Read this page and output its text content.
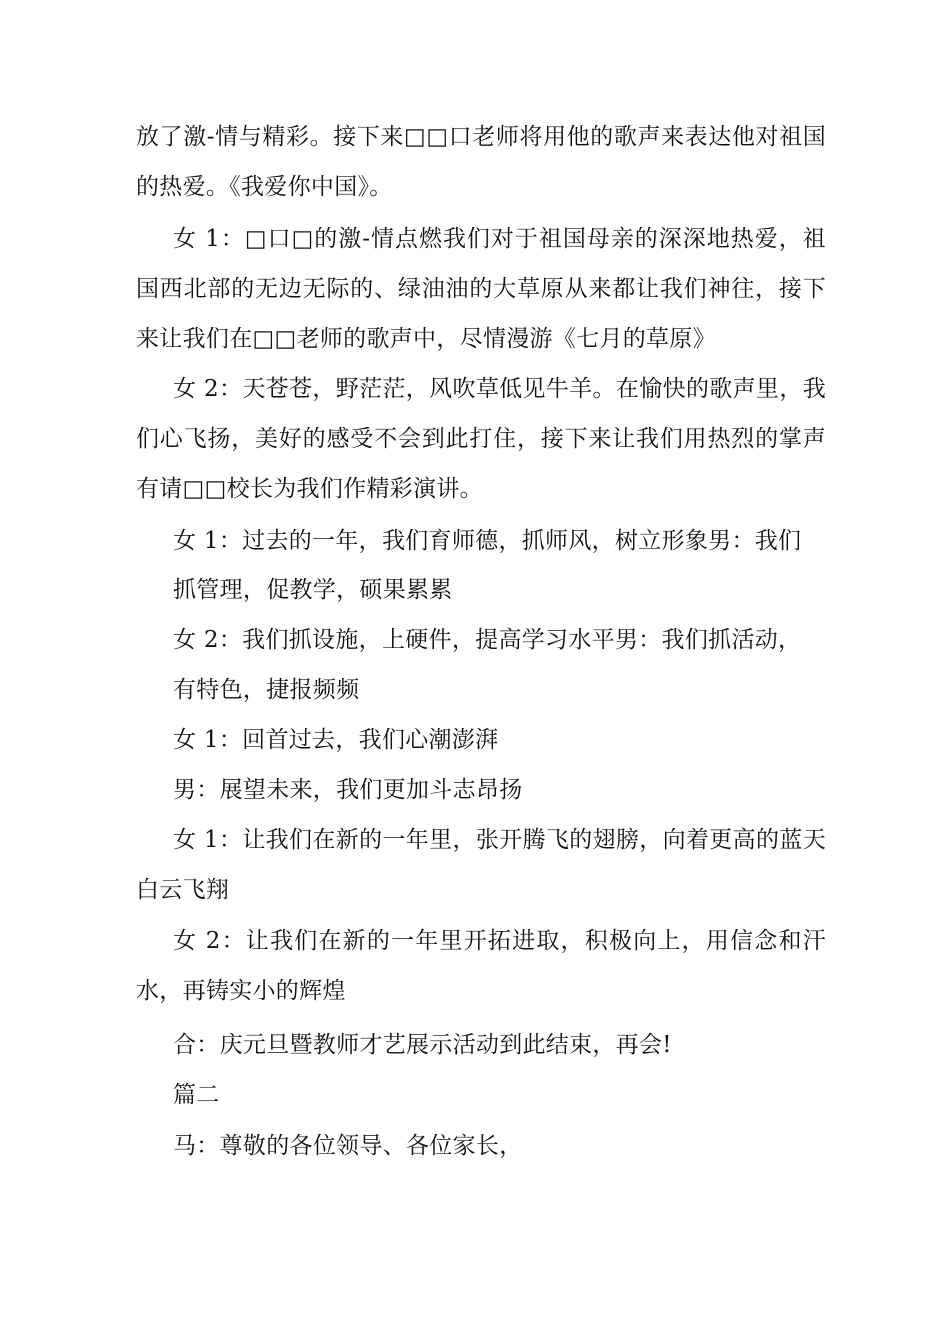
放了激-情与精彩。接下来□□口老师将用他的歌声来表达他对祖国的热爱。《我爱你中国》。

女 1：□口□的激-情点燃我们对于祖国母亲的深深地热爱，祖国西北部的无边无际的、绿油油的大草原从来都让我们神往，接下来让我们在□□老师的歌声中，尽情漫游《七月的草原》

女 2：天苍苍，野茫茫，风吹草低见牛羊。在愉快的歌声里，我们心飞扬，美好的感受不会到此打住，接下来让我们用热烈的掌声有请□□校长为我们作精彩演讲。

女 1：过去的一年，我们育师德，抓师风，树立形象男：我们

抓管理，促教学，硕果累累

女 2：我们抓设施，上硬件，提高学习水平男：我们抓活动，

有特色，捷报频频

女 1：回首过去，我们心潮澎湃

男：展望未来，我们更加斗志昂扬

女 1：让我们在新的一年里，张开腾飞的翅膀，向着更高的蓝天白云飞翔

女 2：让我们在新的一年里开拓进取，积极向上，用信念和汗水，再铸实小的辉煌

合：庆元旦暨教师才艺展示活动到此结束，再会!

篇二

马：尊敬的各位领导、各位家长，
